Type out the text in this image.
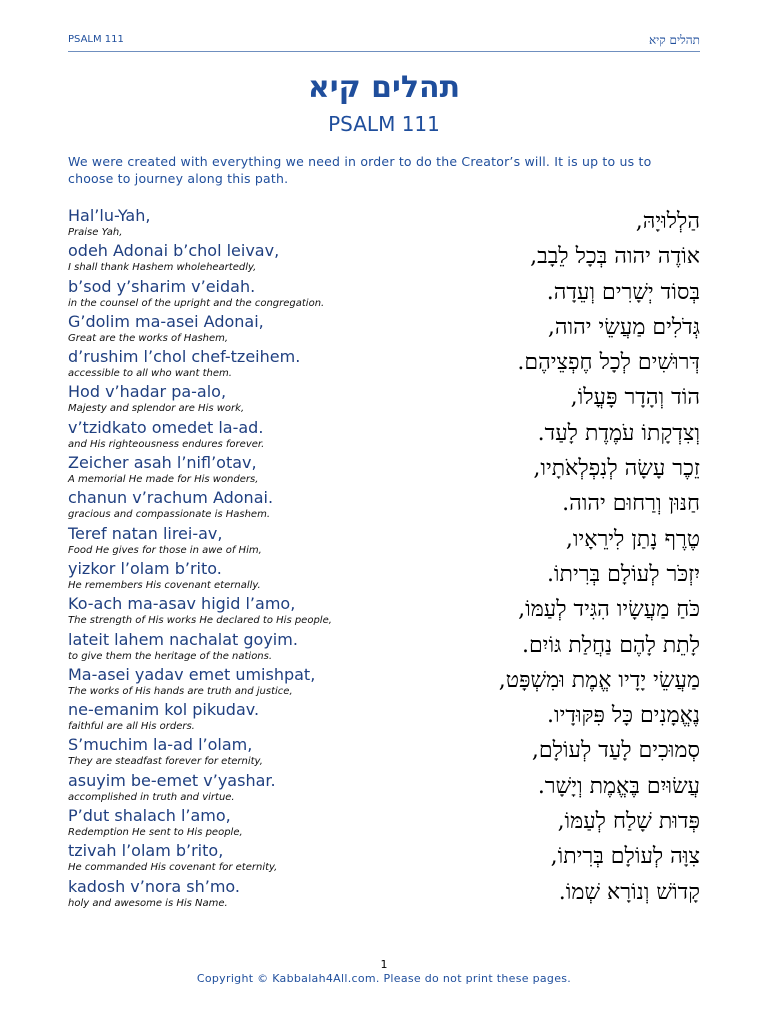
PSALM 111	תהלים קיא
תהלים קיא
PSALM 111
We were created with everything we need in order to do the Creator’s will. It is up to us to choose to journey along this path.
Hal’lu-Yah,
Praise Yah,	הַלְלוּיָהּ,
odeh Adonai b’chol leivav,
I shall thank Hashem wholeheartedly,	אוֹדֶה יהוה בְּכָל לֵבָב,
b’sod y’sharim v’eidah.
in the counsel of the upright and the congregation.	בְּסוֹד יְשָׁרִים וְעֵדָה.
G’dolim ma-asei Adonai,
Great are the works of Hashem,	גְּדֹלִים מַעֲשֵׂי יהוה,
d’rushim l’chol chef-tzeihem.
accessible to all who want them.	דְּרוּשִׁים לְכָל חֶפְצֵיהֶם.
Hod v’hadar pa-alo,
Majesty and splendor are His work,	הוֹד וְהָדָר פָּעֳלוֹ,
v’tzidkato omedet la-ad.
and His righteousness endures forever.	וְצִדְקָתוֹ עֹמֶדֶת לָעַד.
Zeicher asah l’nifl’otav,
A memorial He made for His wonders,	זֵכֶר עָשָׂה לְנִפְלְאֹתָיו,
chanun v’rachum Adonai.
gracious and compassionate is Hashem.	חַנּוּן וְרַחוּם יהוה.
Teref natan lirei-av,
Food He gives for those in awe of Him,	טֶרֶף נָתַן לִירֵאָיו,
yizkor l’olam b’rito.
He remembers His covenant eternally.	יִזְכֹּר לְעוֹלָם בְּרִיתוֹ.
Ko-ach ma-asav higid l’amo,
The strength of His works He declared to His people,	כֹּחַ מַעֲשָׂיו הִגִּיד לְעַמּוֹ,
lateit lahem nachalat goyim.
to give them the heritage of the nations.	לָתֵת לָהֶם נַחֲלַת גּוֹיִם.
Ma-asei yadav emet umishpat,
The works of His hands are truth and justice,	מַעֲשֵׂי יָדָיו אֱמֶת וּמִשְׁפָּט,
ne-emanim kol pikudav.
faithful are all His orders.	נֶאֱמָנִים כָּל פִּקּוּדָיו.
S’muchim la-ad l’olam,
They are steadfast forever for eternity,	סְמוּכִים לָעַד לְעוֹלָם,
asuyim be-emet v’yashar.
accomplished in truth and virtue.	עֲשׂוּיִם בֶּאֱמֶת וְיָשָׁר.
P’dut shalach l’amo,
Redemption He sent to His people,	פְּדוּת שָׁלַח לְעַמּוֹ,
tzivah l’olam b’rito,
He commanded His covenant for eternity,	צִוָּה לְעוֹלָם בְּרִיתוֹ,
kadosh v’nora sh’mo.
holy and awesome is His Name.	קָדוֹשׁ וְנוֹרָא שְׁמוֹ.
1
Copyright © Kabbalah4All.com. Please do not print these pages.
